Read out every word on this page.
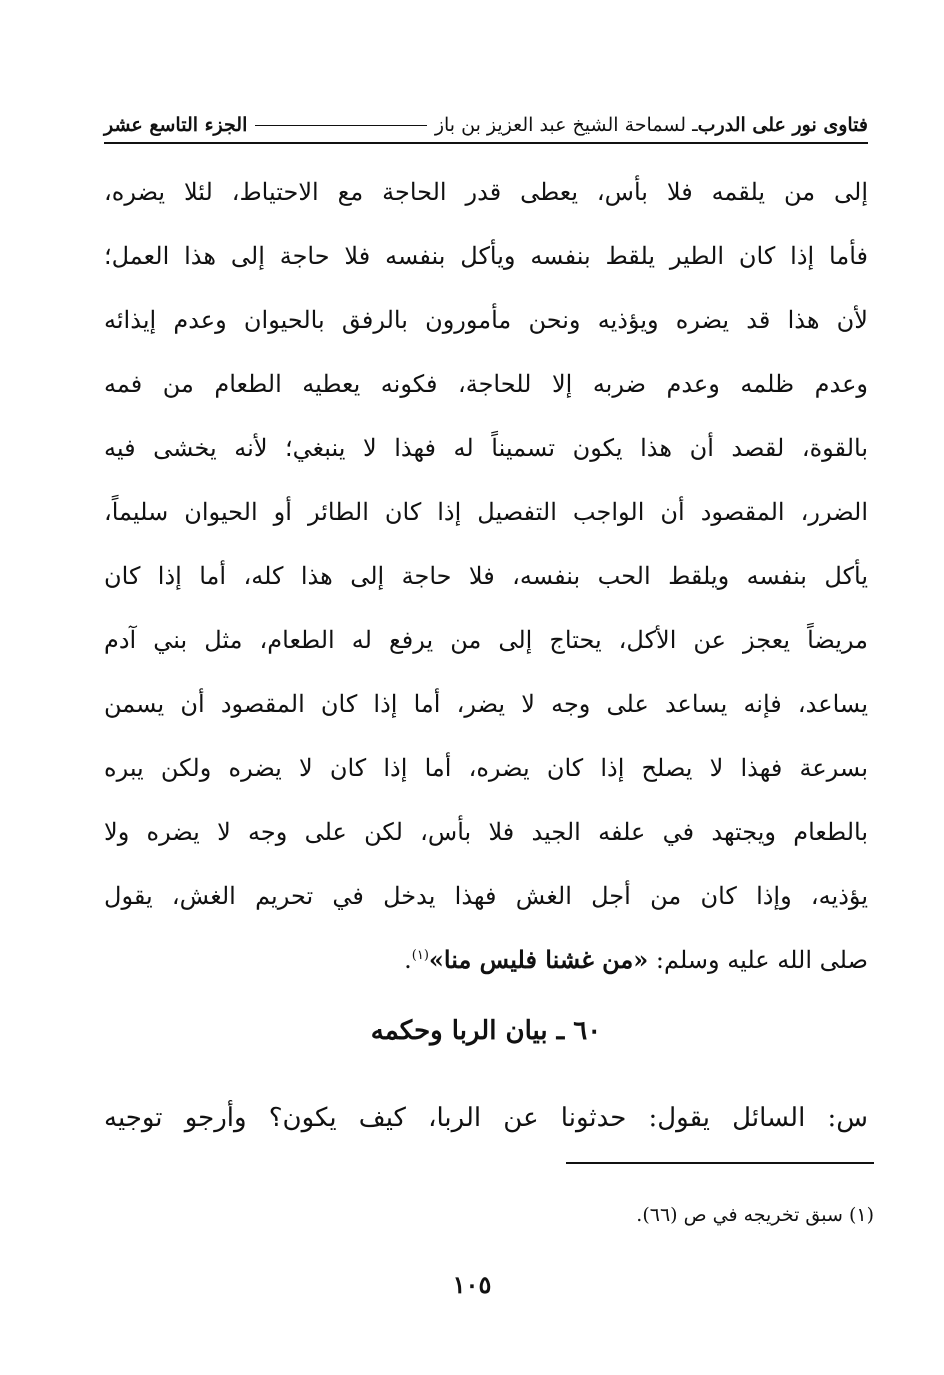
فتاوى نور على الدرب
ـ لسماحة الشيخ عبد العزيز بن باز
الجزء التاسع عشر
إلى من يلقمه فلا بأس، يعطى قدر الحاجة مع الاحتياط، لئلا يضره،
فأما إذا كان الطير يلقط بنفسه ويأكل بنفسه فلا حاجة إلى هذا العمل؛
لأن هذا قد يضره ويؤذيه ونحن مأمورون بالرفق بالحيوان وعدم إيذائه
وعدم ظلمه وعدم ضربه إلا للحاجة، فكونه يعطيه الطعام من فمه
بالقوة، لقصد أن هذا يكون تسميناً له فهذا لا ينبغي؛ لأنه يخشى فيه
الضرر، المقصود أن الواجب التفصيل إذا كان الطائر أو الحيوان سليماً،
يأكل بنفسه ويلقط الحب بنفسه، فلا حاجة إلى هذا كله، أما إذا كان
مريضاً يعجز عن الأكل، يحتاج إلى من يرفع له الطعام، مثل بني آدم
يساعد، فإنه يساعد على وجه لا يضر، أما إذا كان المقصود أن يسمن
بسرعة فهذا لا يصلح إذا كان يضره، أما إذا كان لا يضره ولكن يبره
بالطعام ويجتهد في علفه الجيد فلا بأس، لكن على وجه لا يضره ولا
يؤذيه، وإذا كان من أجل الغش فهذا يدخل في تحريم الغش، يقول
صلى الله عليه وسلم: «من غشنا فليس منا»$^{(١)}$.
٦٠ ـ بيان الربا وحكمه
س: السائل يقول: حدثونا عن الربا، كيف يكون؟ وأرجو توجيه
(١) سبق تخريجه في ص (٦٦).
١٠٥
